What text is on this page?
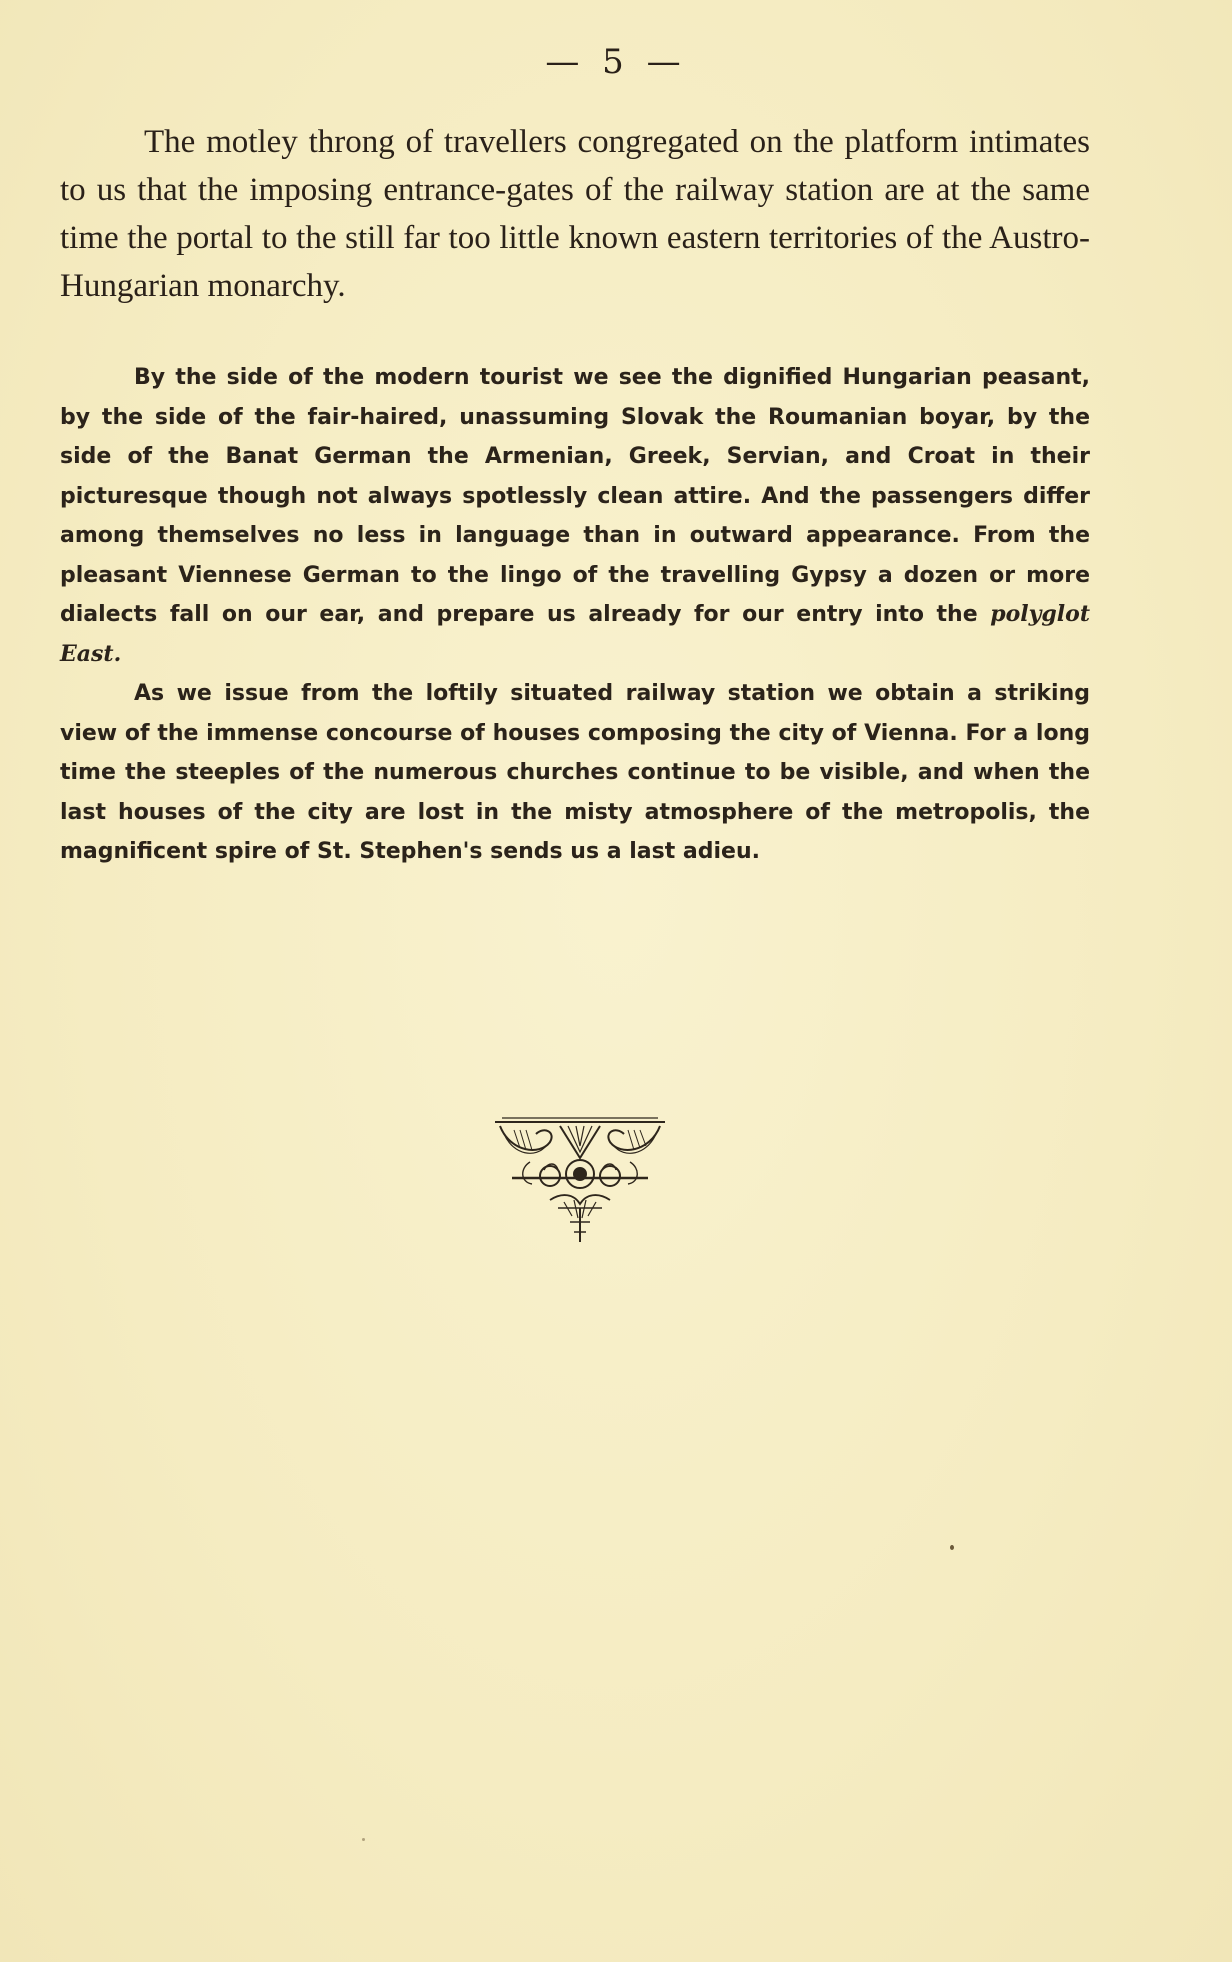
— 5 —

The motley throng of travellers congregated on the platform intimates to us that the imposing entrance-gates of the railway station are at the same time the portal to the still far too little known eastern territories of the Austro-Hungarian monarchy.

By the side of the modern tourist we see the dignified Hungarian peasant, by the side of the fair-haired, unassuming Slovak the Roumanian boyar, by the side of the Banat German the Armenian, Greek, Servian, and Croat in their picturesque though not always spotlessly clean attire. And the passengers differ among themselves no less in language than in outward appearance. From the pleasant Viennese German to the lingo of the travelling Gypsy a dozen or more dialects fall on our ear, and prepare us already for our entry into the polyglot East.

As we issue from the loftily situated railway station we obtain a striking view of the immense concourse of houses composing the city of Vienna. For a long time the steeples of the numerous churches continue to be visible, and when the last houses of the city are lost in the misty atmosphere of the metropolis, the magnificent spire of St. Stephen's sends us a last adieu.
